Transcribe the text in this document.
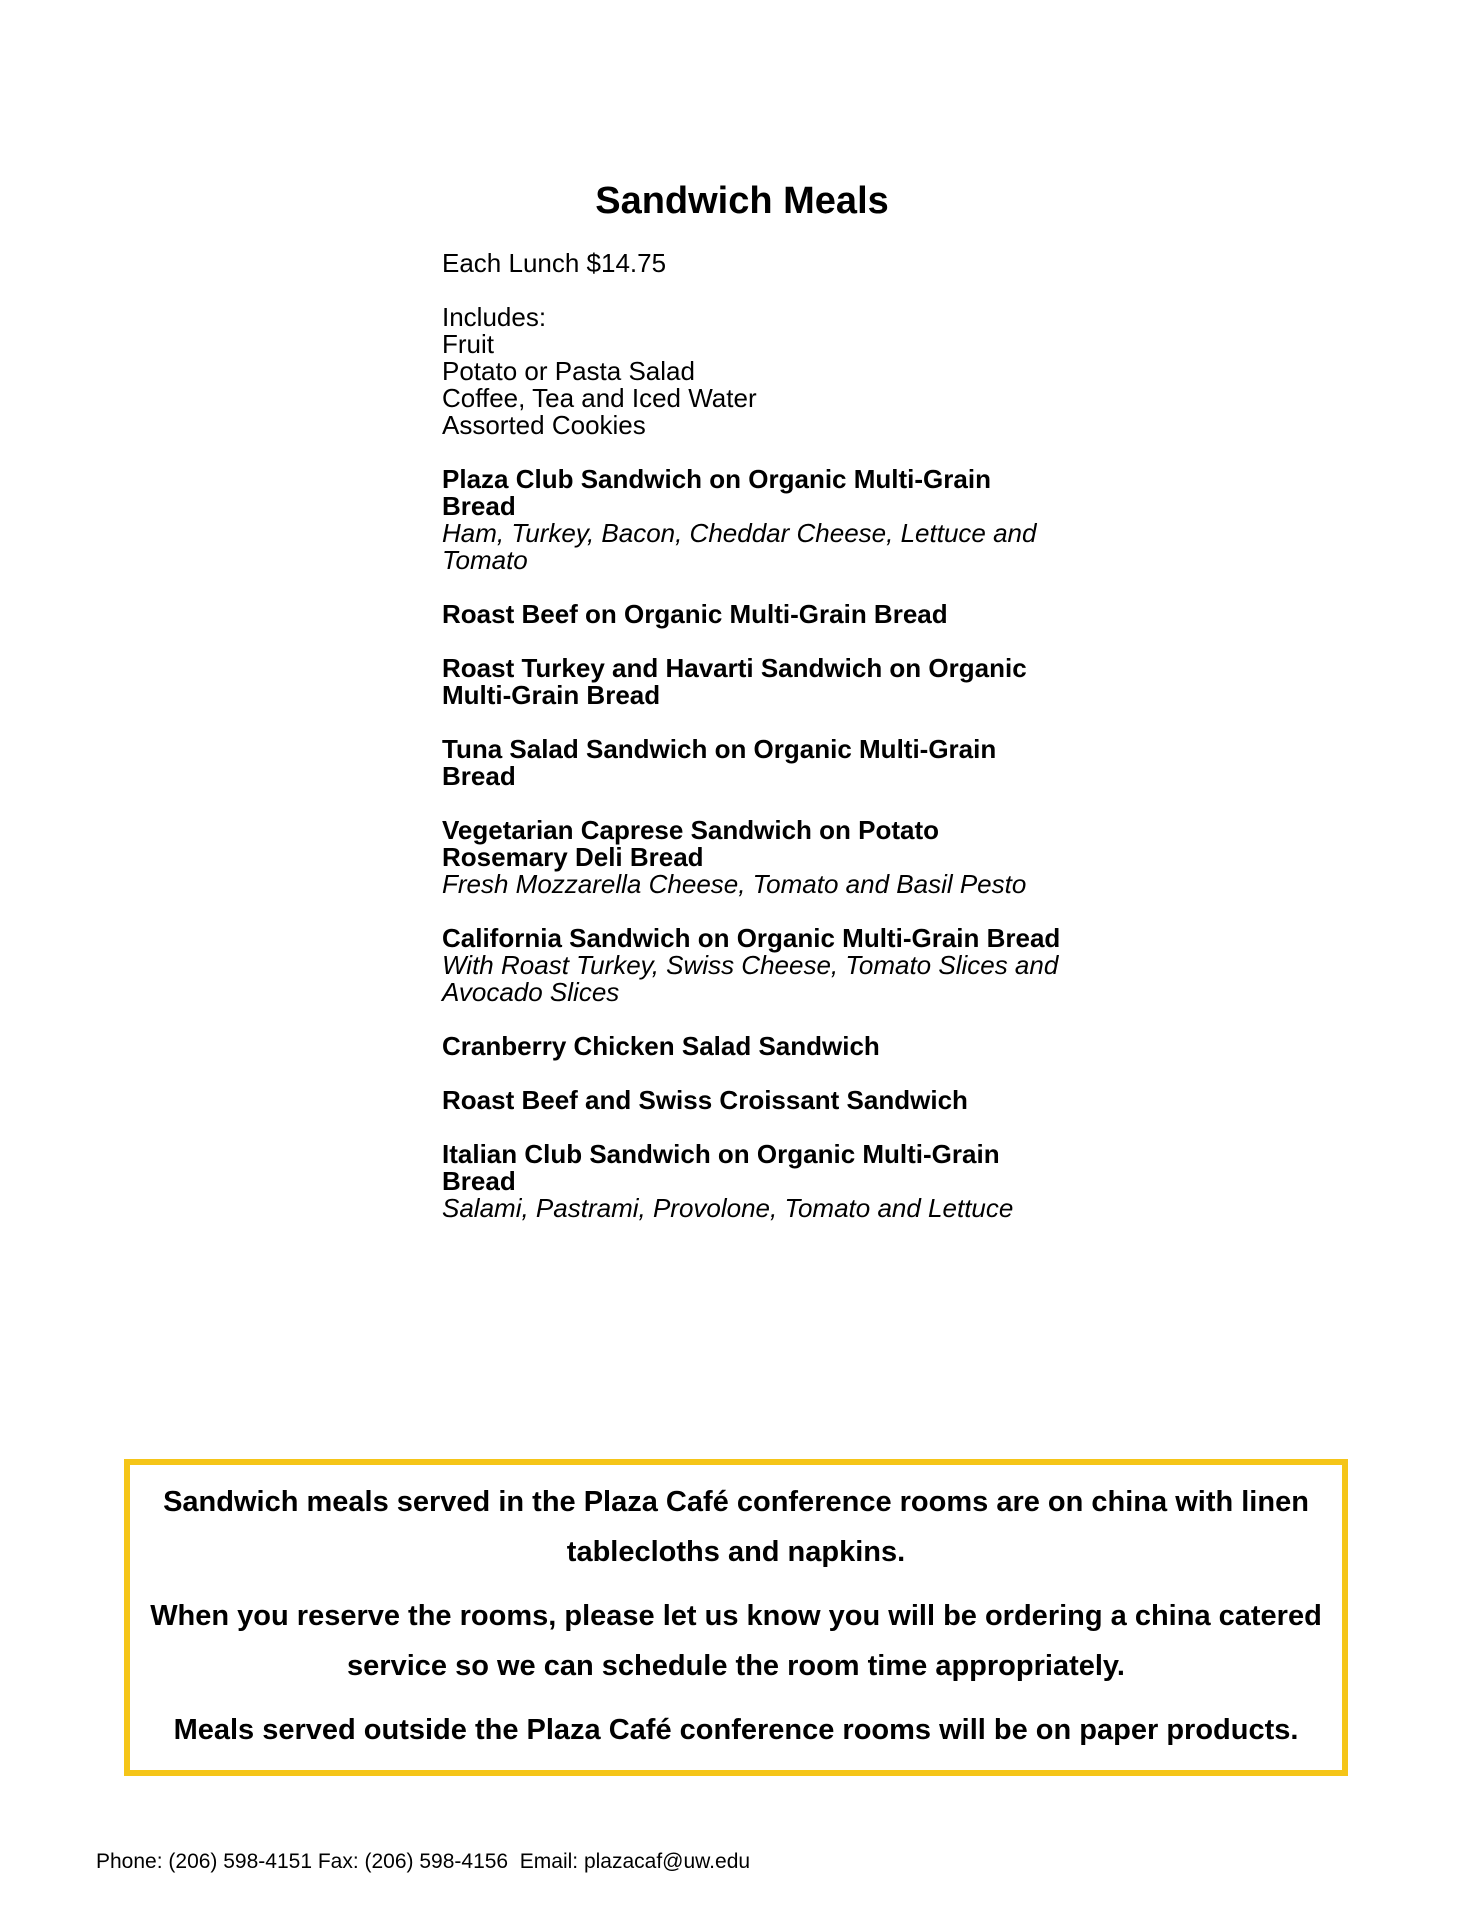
Sandwich Meals
Each Lunch $14.75
Includes:
Fruit
Potato or Pasta Salad
Coffee, Tea and Iced Water
Assorted Cookies
Plaza Club Sandwich on Organic Multi-Grain Bread
Ham, Turkey, Bacon, Cheddar Cheese, Lettuce and Tomato
Roast Beef on Organic Multi-Grain Bread
Roast Turkey and Havarti Sandwich on Organic Multi-Grain Bread
Tuna Salad Sandwich on Organic Multi-Grain Bread
Vegetarian Caprese Sandwich on Potato Rosemary Deli Bread
Fresh Mozzarella Cheese, Tomato and Basil Pesto
California Sandwich on Organic Multi-Grain Bread
With Roast Turkey, Swiss Cheese, Tomato Slices and Avocado Slices
Cranberry Chicken Salad Sandwich
Roast Beef and Swiss Croissant Sandwich
Italian Club Sandwich on Organic Multi-Grain Bread
Salami, Pastrami, Provolone, Tomato and Lettuce

Sandwich meals served in the Plaza Café conference rooms are on china with linen tablecloths and napkins.

When you reserve the rooms, please let us know you will be ordering a china catered service so we can schedule the room time appropriately.

Meals served outside the Plaza Café conference rooms will be on paper products.

Phone: (206) 598-4151 Fax: (206) 598-4156  Email: plazacaf@uw.edu
